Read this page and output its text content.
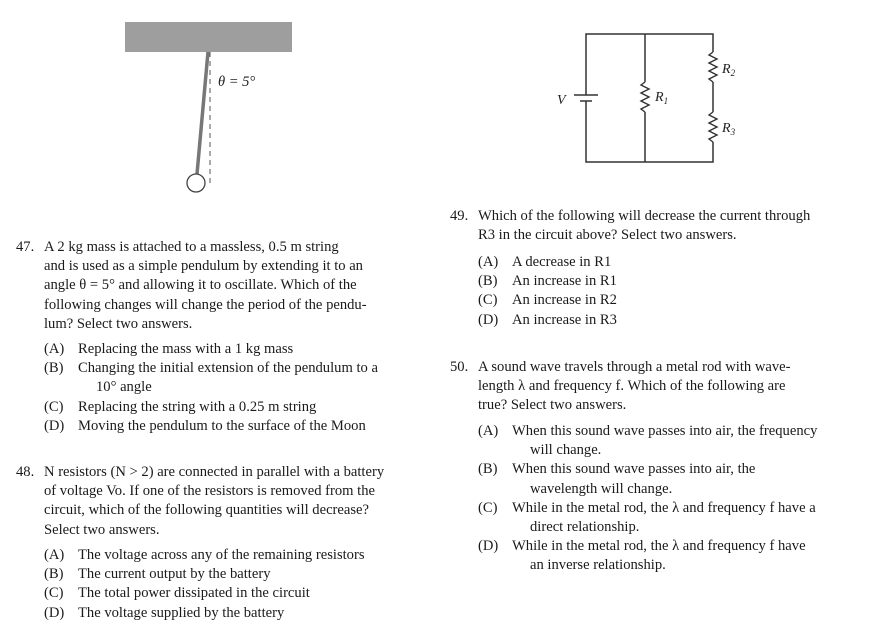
θ = 5°
V	$R_1$
$R_2$
$R_3$
47. A 2 kg mass is attached to a massless, 0.5 m string
and is used as a simple pendulum by extending it to an
angle θ = 5° and allowing it to oscillate. Which of the
following changes will change the period of the pendu-
lum? Select two answers.
(A) Replacing the mass with a 1 kg mass
(B) Changing the initial extension of the pendulum to a
10° angle
(C) Replacing the string with a 0.25 m string
(D) Moving the pendulum to the surface of the Moon
48. N resistors (N > 2) are connected in parallel with a battery
of voltage Vo. If one of the resistors is removed from the
circuit, which of the following quantities will decrease?
Select two answers.
(A) The voltage across any of the remaining resistors
(B) The current output by the battery
(C) The total power dissipated in the circuit
(D) The voltage supplied by the battery
49. Which of the following will decrease the current through
R3 in the circuit above? Select two answers.
(A) A decrease in R1
(B) An increase in R1
(C) An increase in R2
(D) An increase in R3
50. A sound wave travels through a metal rod with wave-
length λ and frequency f. Which of the following are
true? Select two answers.
(A) When this sound wave passes into air, the frequency
will change.
(B) When this sound wave passes into air, the
wavelength will change.
(C) While in the metal rod, the λ and frequency f have a
direct relationship.
(D) While in the metal rod, the λ and frequency f have
an inverse relationship.
